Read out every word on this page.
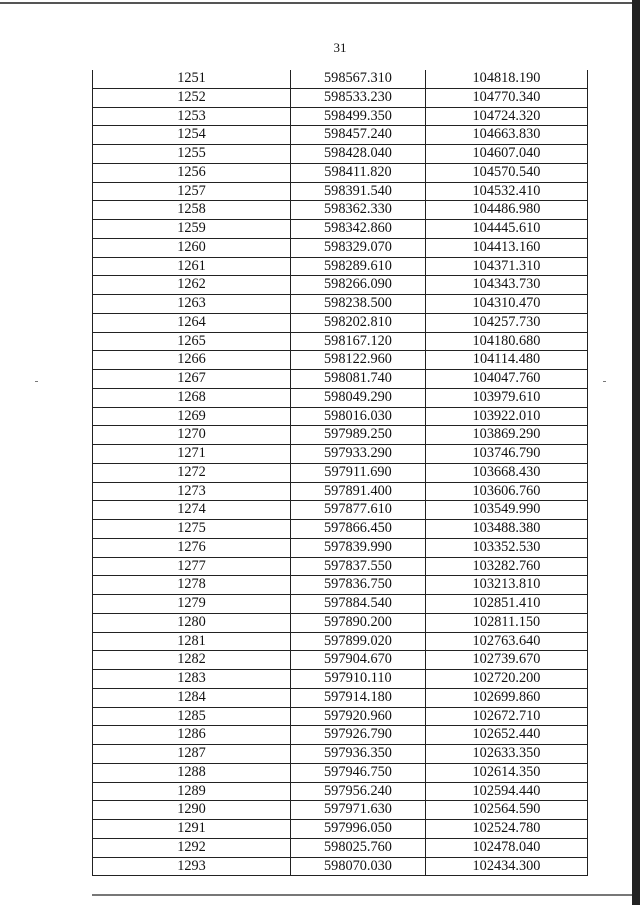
31
1251	598567.310	104818.190
1252	598533.230	104770.340
1253	598499.350	104724.320
1254	598457.240	104663.830
1255	598428.040	104607.040
1256	598411.820	104570.540
1257	598391.540	104532.410
1258	598362.330	104486.980
1259	598342.860	104445.610
1260	598329.070	104413.160
1261	598289.610	104371.310
1262	598266.090	104343.730
1263	598238.500	104310.470
1264	598202.810	104257.730
1265	598167.120	104180.680
1266	598122.960	104114.480
1267	598081.740	104047.760
1268	598049.290	103979.610
1269	598016.030	103922.010
1270	597989.250	103869.290
1271	597933.290	103746.790
1272	597911.690	103668.430
1273	597891.400	103606.760
1274	597877.610	103549.990
1275	597866.450	103488.380
1276	597839.990	103352.530
1277	597837.550	103282.760
1278	597836.750	103213.810
1279	597884.540	102851.410
1280	597890.200	102811.150
1281	597899.020	102763.640
1282	597904.670	102739.670
1283	597910.110	102720.200
1284	597914.180	102699.860
1285	597920.960	102672.710
1286	597926.790	102652.440
1287	597936.350	102633.350
1288	597946.750	102614.350
1289	597956.240	102594.440
1290	597971.630	102564.590
1291	597996.050	102524.780
1292	598025.760	102478.040
1293	598070.030	102434.300
